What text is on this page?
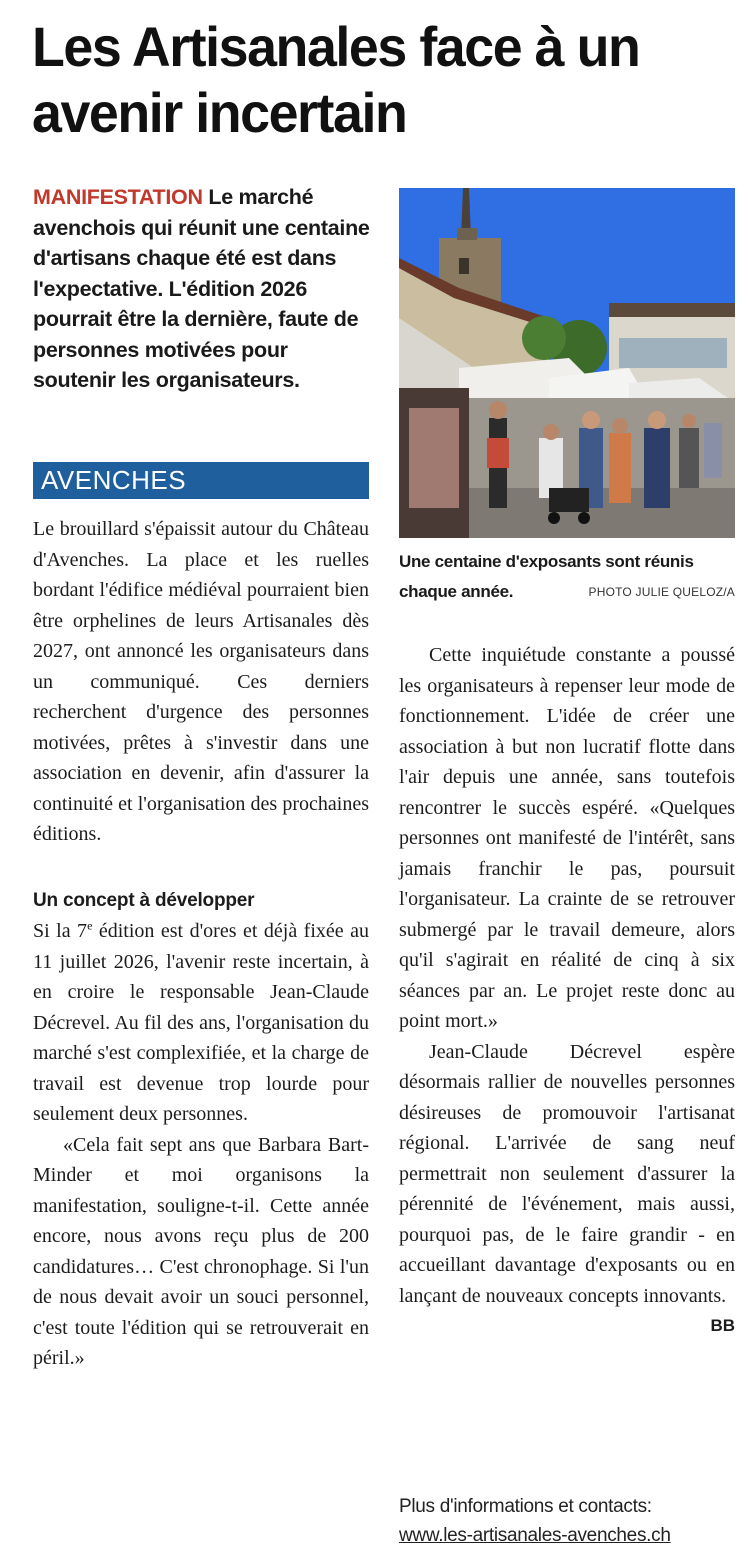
Les Artisanales face à un avenir incertain

MANIFESTATION Le marché avenchois qui réunit une centaine d'artisans chaque été est dans l'expectative. L'édition 2026 pourrait être la dernière, faute de personnes motivées pour soutenir les organisateurs.

AVENCHES

Le brouillard s'épaissit autour du Château d'Avenches. La place et les ruelles bordant l'édifice médiéval pourraient bien être orphelines de leurs Artisanales dès 2027, ont annoncé les organisateurs dans un communiqué. Ces derniers recherchent d'urgence des personnes motivées, prêtes à s'investir dans une association en devenir, afin d'assurer la continuité et l'organisation des prochaines éditions.

Un concept à développer

Si la 7e édition est d'ores et déjà fixée au 11 juillet 2026, l'avenir reste incertain, à en croire le responsable Jean-Claude Décrevel. Au fil des ans, l'organisation du marché s'est complexifiée, et la charge de travail est devenue trop lourde pour seulement deux personnes.

«Cela fait sept ans que Barbara Bart-Minder et moi organisons la manifestation, souligne-t-il. Cette année encore, nous avons reçu plus de 200 candidatures… C'est chronophage. Si l'un de nous devait avoir un souci personnel, c'est toute l'édition qui se retrouverait en péril.»

Une centaine d'exposants sont réunis chaque année.	PHOTO JULIE QUELOZ/A

Cette inquiétude constante a poussé les organisateurs à repenser leur mode de fonctionnement. L'idée de créer une association à but non lucratif flotte dans l'air depuis une année, sans toutefois rencontrer le succès espéré. «Quelques personnes ont manifesté de l'intérêt, sans jamais franchir le pas, poursuit l'organisateur. La crainte de se retrouver submergé par le travail demeure, alors qu'il s'agirait en réalité de cinq à six séances par an. Le projet reste donc au point mort.»

Jean-Claude Décrevel espère désormais rallier de nouvelles personnes désireuses de promouvoir l'artisanat régional. L'arrivée de sang neuf permettrait non seulement d'assurer la pérennité de l'événement, mais aussi, pourquoi pas, de le faire grandir - en accueillant davantage d'exposants ou en lançant de nouveaux concepts innovants.
BB

Plus d'informations et contacts:
www.les-artisanales-avenches.ch
